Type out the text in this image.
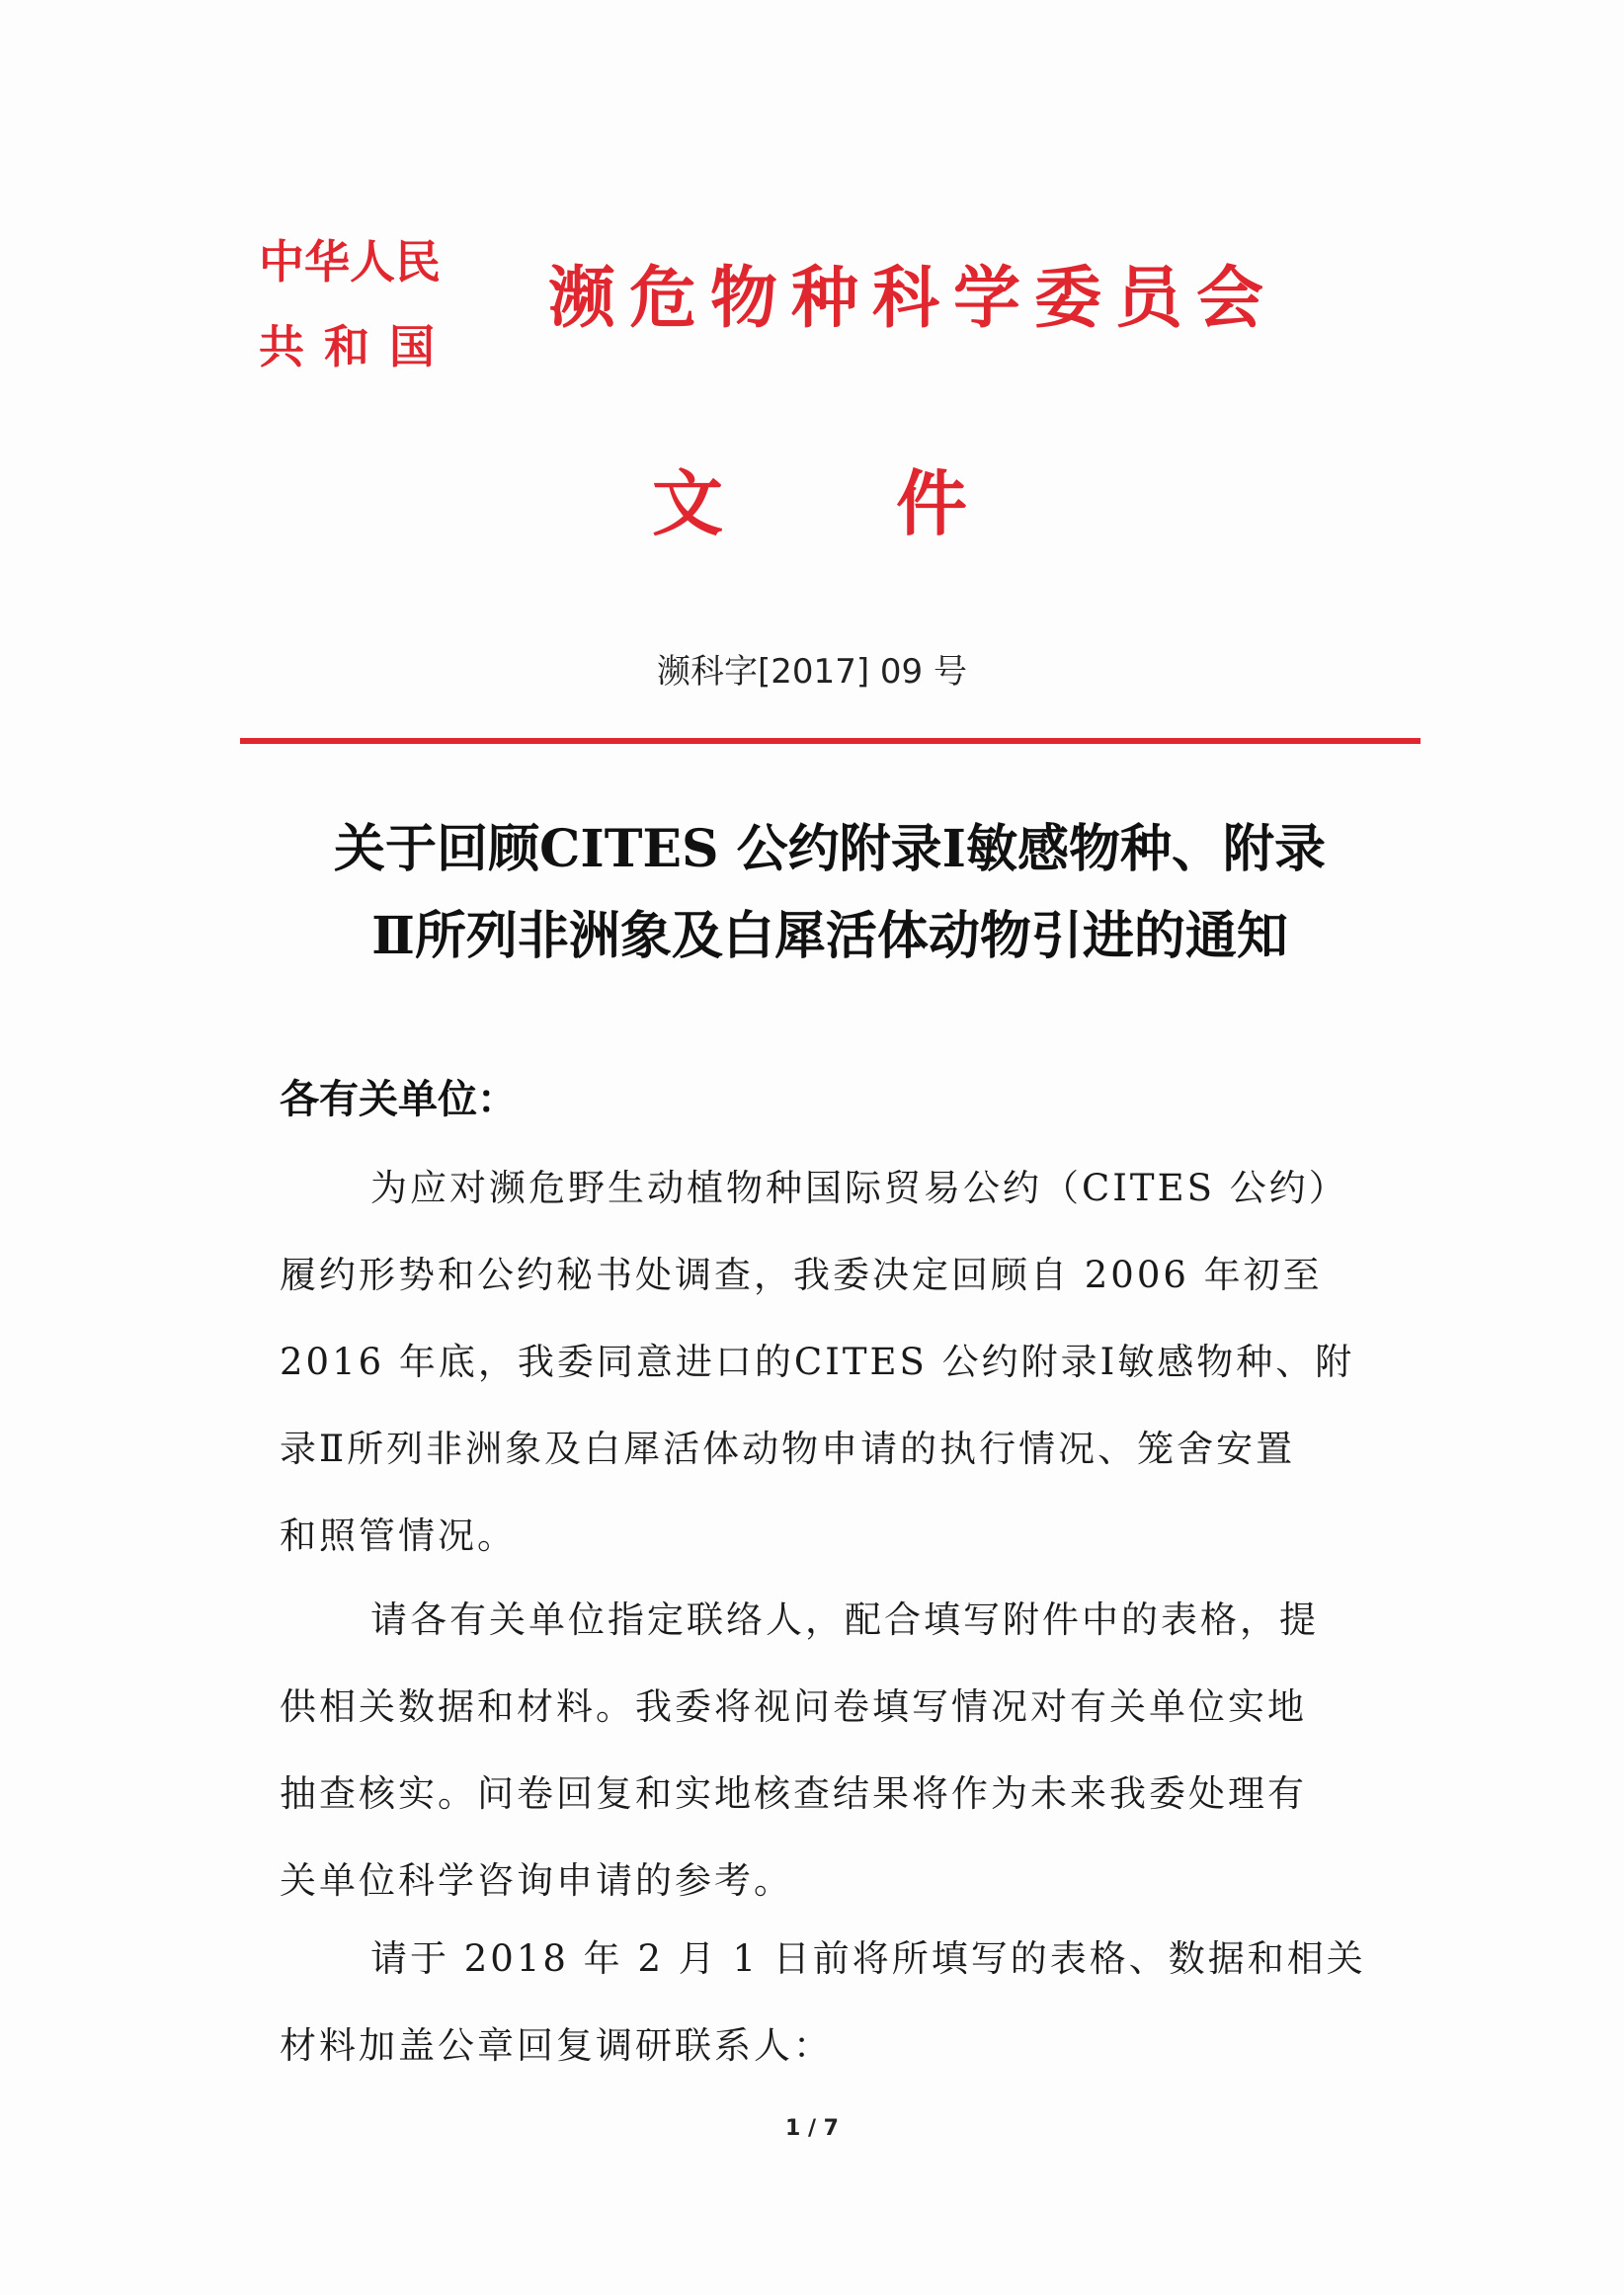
中华人民
共和国
濒危物种科学委员会
文件
濒科字[2017] 09 号
关于回顾CITES 公约附录Ⅰ敏感物种、附录
Ⅱ所列非洲象及白犀活体动物引进的通知
各有关单位：
为应对濒危野生动植物种国际贸易公约（CITES 公约）
履约形势和公约秘书处调查，我委决定回顾自 2006 年初至
2016 年底，我委同意进口的CITES 公约附录Ⅰ敏感物种、附
录Ⅱ所列非洲象及白犀活体动物申请的执行情况、笼舍安置
和照管情况。
请各有关单位指定联络人，配合填写附件中的表格，提
供相关数据和材料。我委将视问卷填写情况对有关单位实地
抽查核实。问卷回复和实地核查结果将作为未来我委处理有
关单位科学咨询申请的参考。
请于 2018 年 2 月 1 日前将所填写的表格、数据和相关
材料加盖公章回复调研联系人：
1 / 7
